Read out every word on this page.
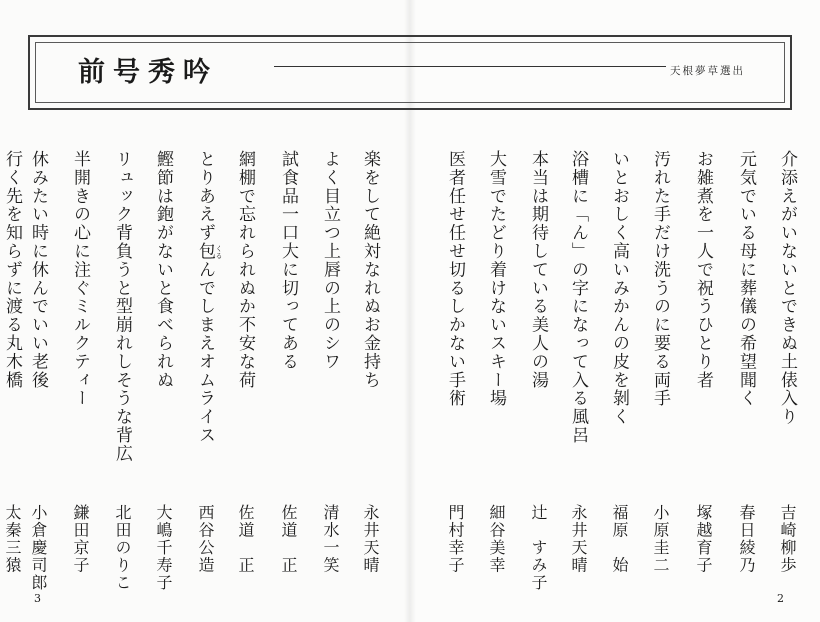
前号秀吟	天根夢草選出
介添えがいないとできぬ土俵入り
吉崎柳歩
元気でいる母に葬儀の希望聞く
春日綾乃
お雑煮を一人で祝うひとり者
塚越育子
汚れた手だけ洗うのに要る両手
小原圭二
いとおしく高いみかんの皮を剝く
福原　始
浴槽に「ん」の字になって入る風呂
永井天晴
本当は期待している美人の湯
辻　すみ子
大雪でたどり着けないスキー場
細谷美幸
医者任せ任せ切るしかない手術
門村幸子
楽をして絶対なれぬお金持ち
永井天晴
よく目立つ上唇の上のシワ
清水一笑
試食品一口大に切ってある
佐道　正
網棚で忘れられぬか不安な荷
佐道　正
とりあえず包んでしまえオムライス
西谷公造
くる
鰹節は鉋がないと食べられぬ
大嶋千寿子
リュック背負うと型崩れしそうな背広
北田のりこ
半開きの心に注ぐミルクティー
鎌田京子
休みたい時に休んでいい老後
小倉慶司郎
行く先を知らずに渡る丸木橋
太秦三猿
3	2
